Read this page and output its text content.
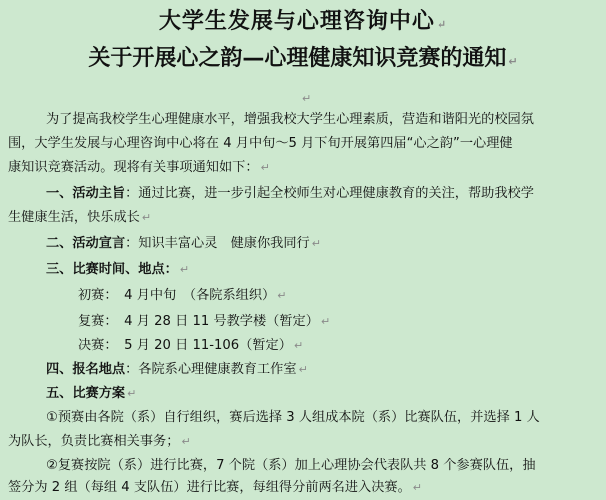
大学生发展与心理咨询中心 ↵
关于开展心之韵—心理健康知识竞赛的通知 ↵
↵
为了提高我校学生心理健康水平，增强我校大学生心理素质，营造和谐阳光的校园氛
围，大学生发展与心理咨询中心将在 4 月中旬～5 月下旬开展第四届“心之韵”一心理健
康知识竞赛活动。现将有关事项通知如下： ↵
一、活动主旨：通过比赛，进一步引起全校师生对心理健康教育的关注，帮助我校学
生健康生活，快乐成长 ↵
二、活动宣言：知识丰富心灵　健康你我同行 ↵
三、比赛时间、地点： ↵
初赛：　4 月中旬　（各院系组织） ↵
复赛：　4 月 28 日 11 号教学楼（暂定） ↵
决赛：　5 月 20 日 11-106（暂定） ↵
四、报名地点：各院系心理健康教育工作室 ↵
五、比赛方案 ↵
①预赛由各院（系）自行组织，赛后选择 3 人组成本院（系）比赛队伍，并选择 1 人
为队长，负责比赛相关事务； ↵
②复赛按院（系）进行比赛，7 个院（系）加上心理协会代表队共 8 个参赛队伍，抽
签分为 2 组（每组 4 支队伍）进行比赛，每组得分前两名进入决赛。 ↵
